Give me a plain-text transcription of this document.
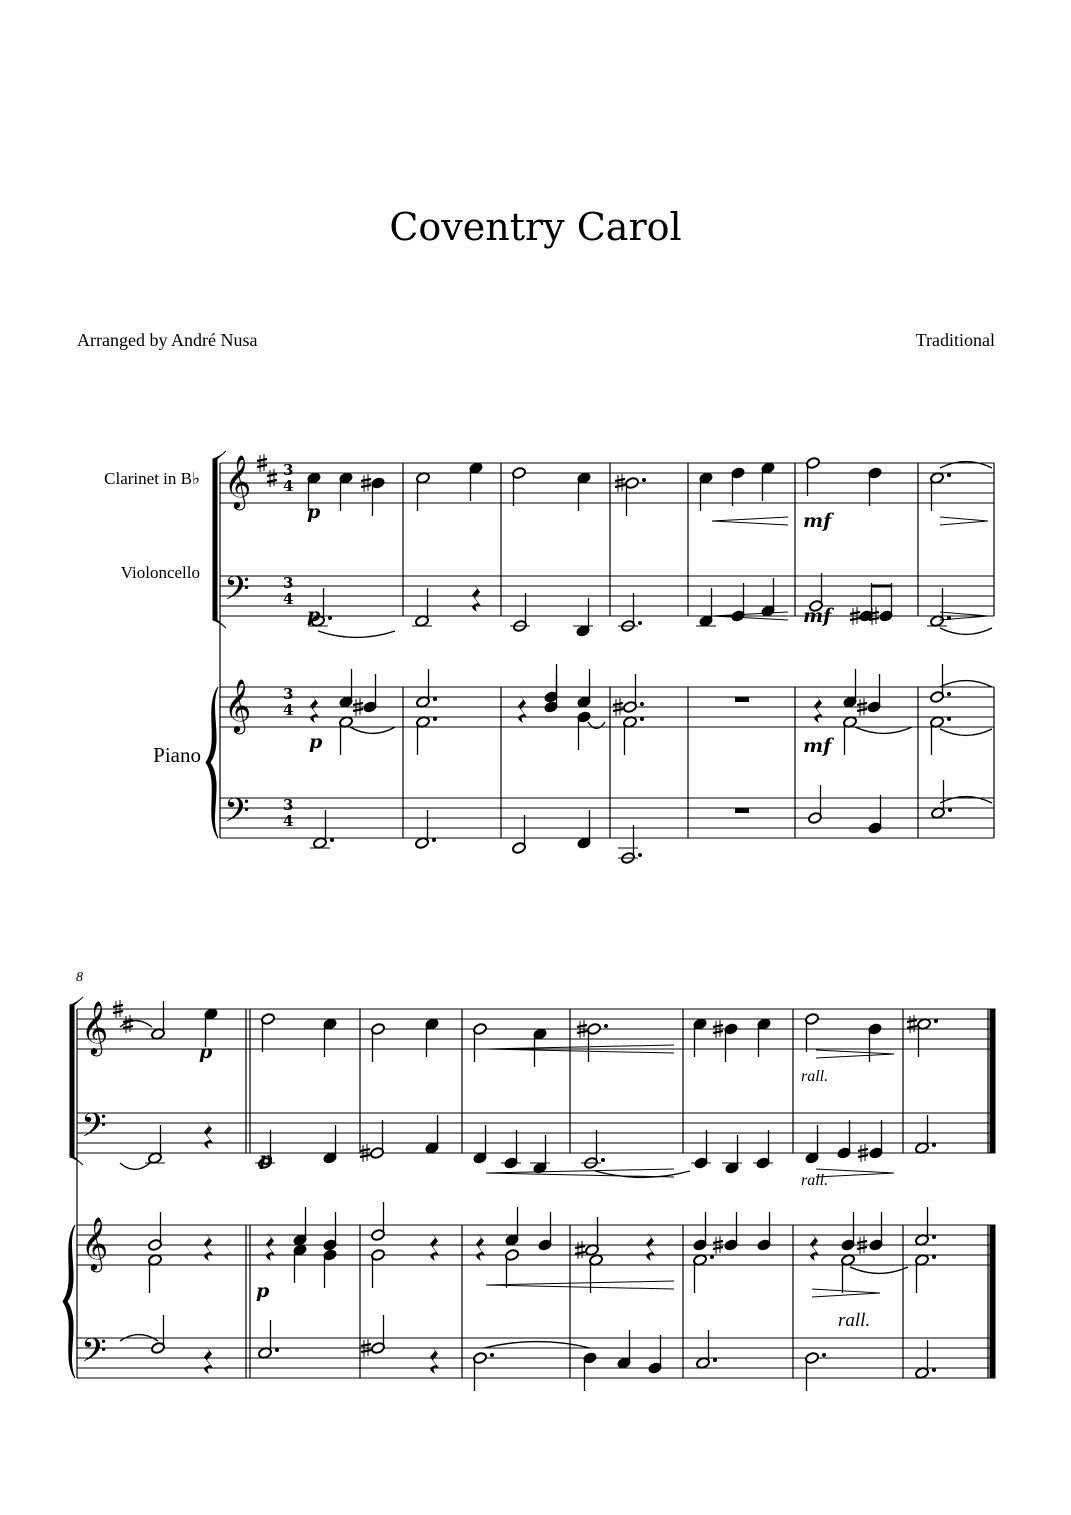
Coventry Carol
Arranged by André Nusa	Traditional
𝄞
𝄢
𝄞
𝄢
𝄞
𝄢
𝄞
𝄢
Clarinet in B♭
Violoncello
Piano
3
4
3
4
3
4
3
4
p	mf
p	mf
p	mf
8
p
p
p
rall.
rall.
rall.
